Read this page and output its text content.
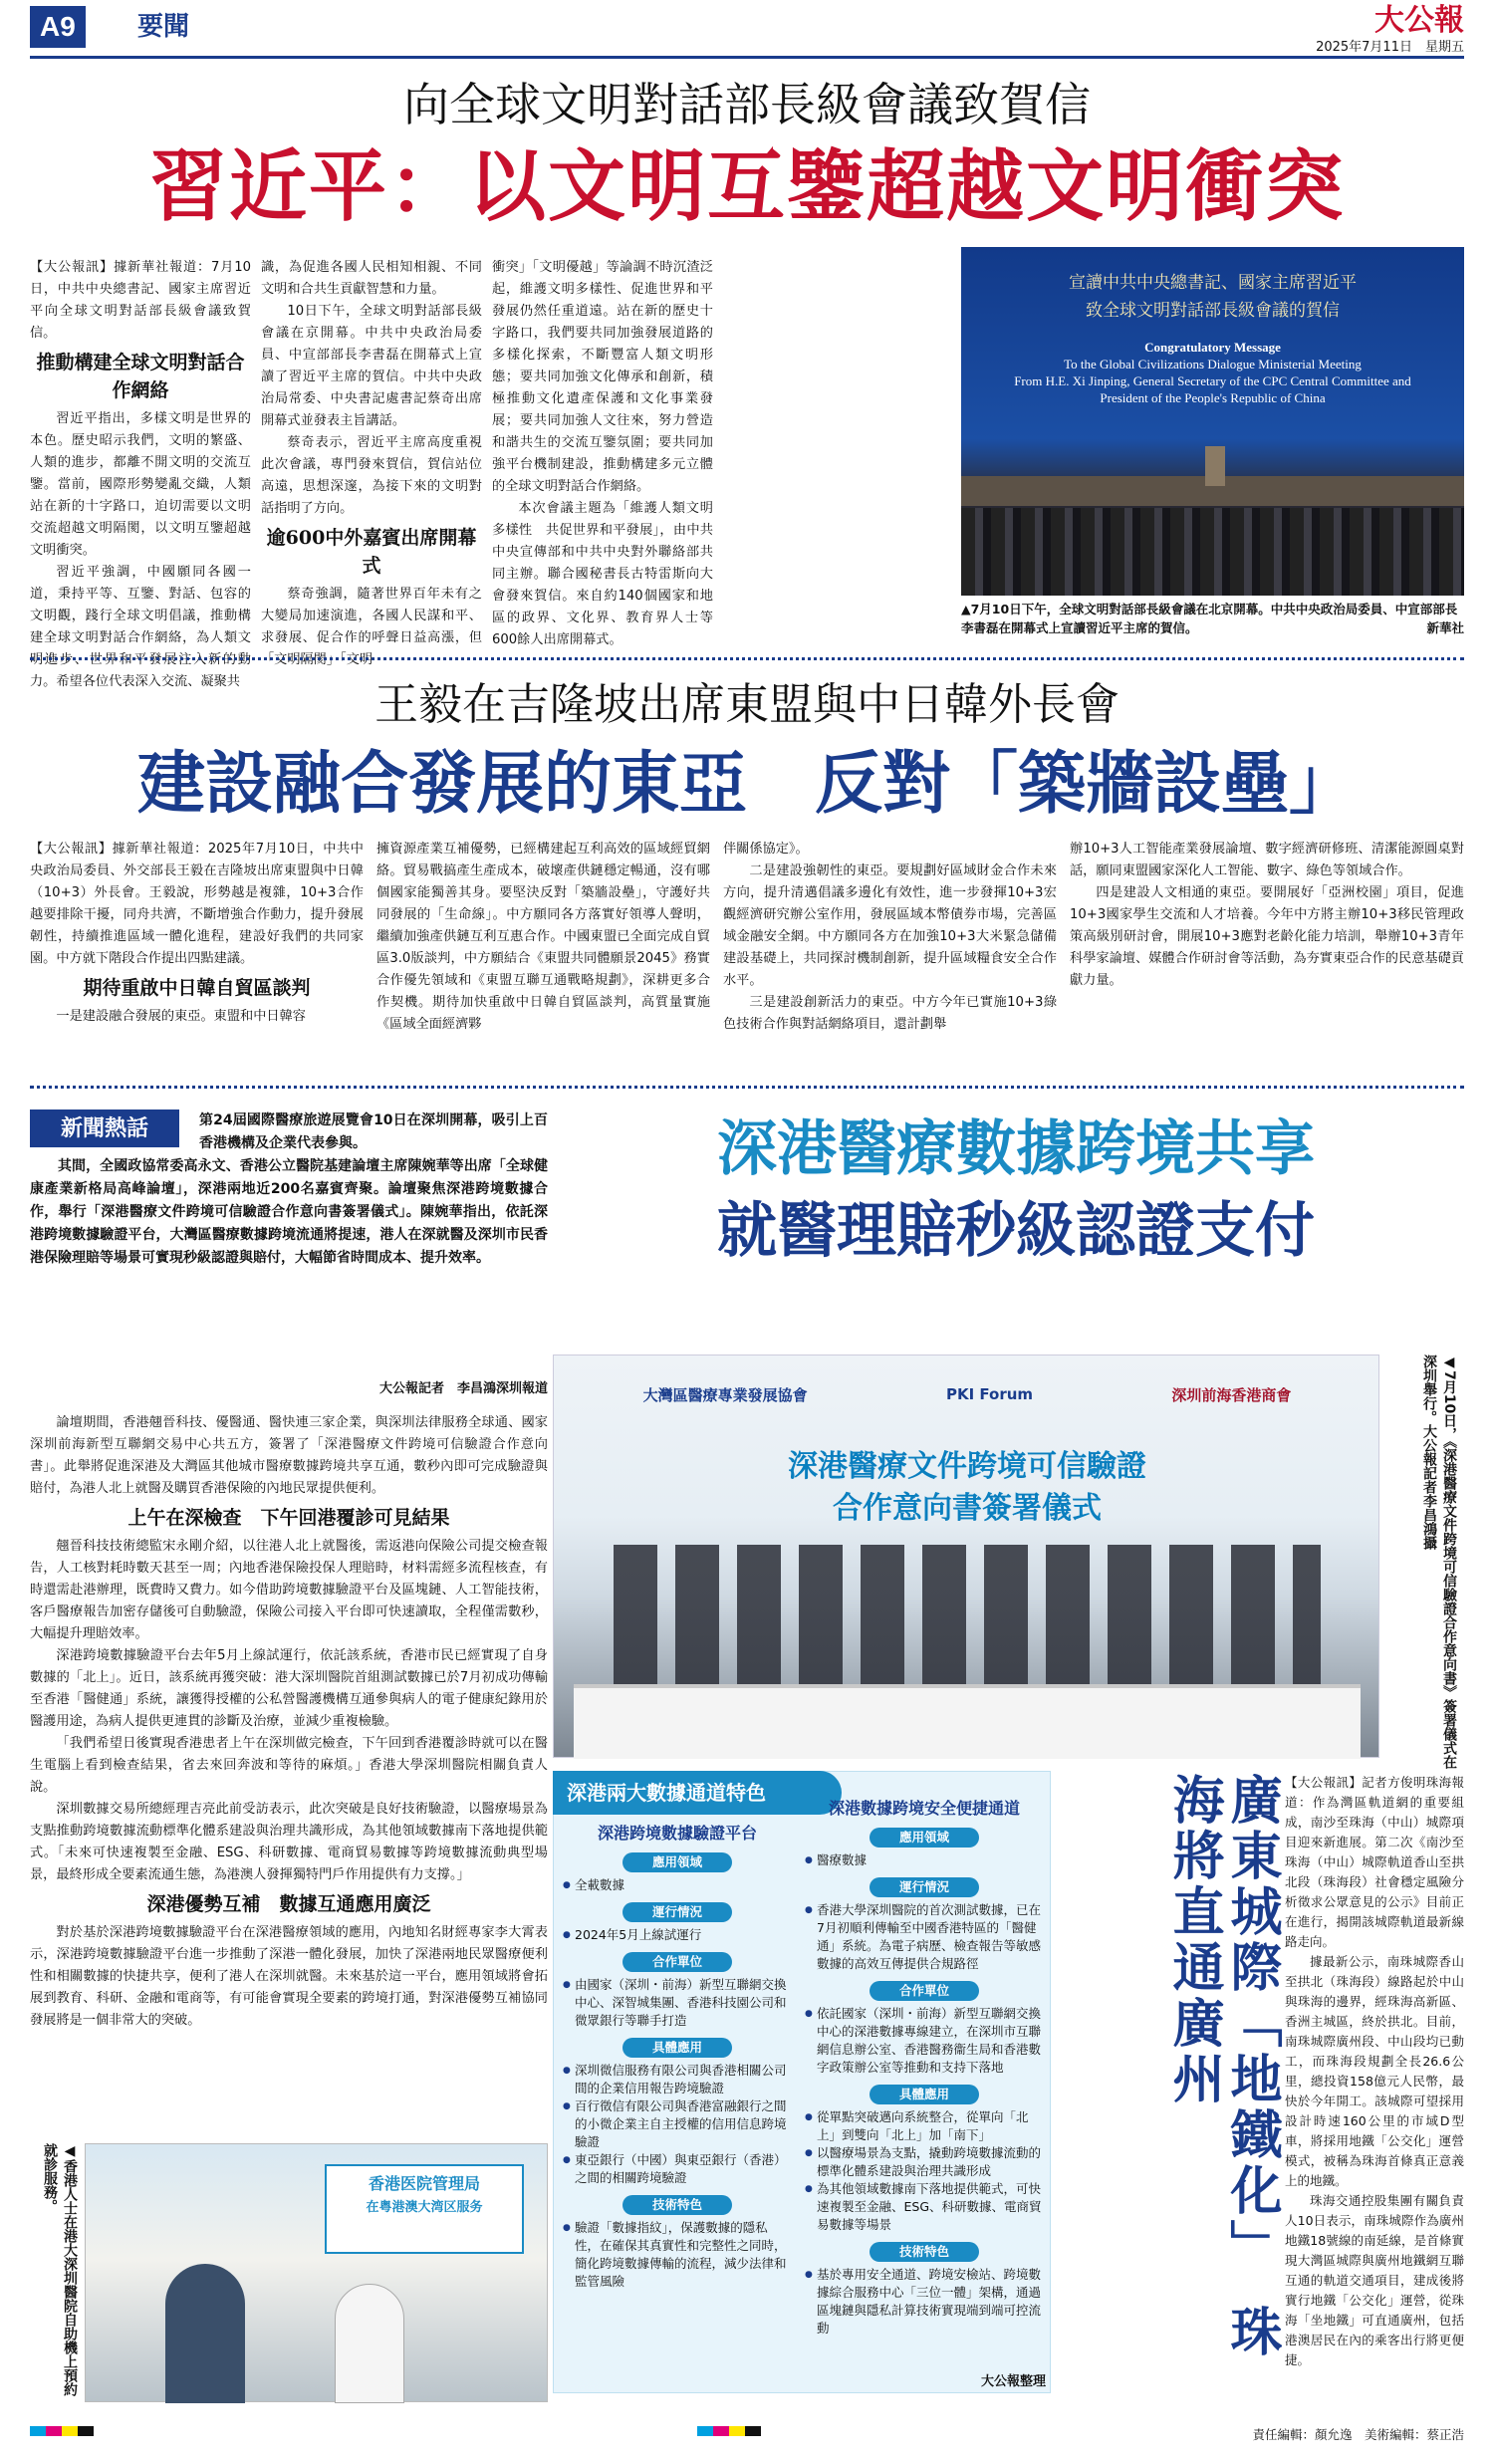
A9	要聞	大公報
2025年7月11日　 星期五
向全球文明對話部長級會議致賀信
習近平：以文明互鑒超越文明衝突

【大公報訊】據新華社報道：7月10日，中共中央總書記、國家主席習近平向全球文明對話部長級會議致賀信。

推動構建全球文明對話合作網絡

習近平指出，多樣文明是世界的本色。歷史昭示我們，文明的繁盛、人類的進步，都離不開文明的交流互鑒。當前，國際形勢變亂交織，人類站在新的十字路口，迫切需要以文明交流超越文明隔閡，以文明互鑒超越文明衝突。

習近平強調，中國願同各國一道，秉持平等、互鑒、對話、包容的文明觀，踐行全球文明倡議，推動構建全球文明對話合作網絡，為人類文明進步、世界和平發展注入新的動力。希望各位代表深入交流、凝聚共

識，為促進各國人民相知相親、不同文明和合共生貢獻智慧和力量。

10日下午，全球文明對話部長級會議在京開幕。中共中央政治局委員、中宣部部長李書磊在開幕式上宣讀了習近平主席的賀信。中共中央政治局常委、中央書記處書記蔡奇出席開幕式並發表主旨講話。

蔡奇表示，習近平主席高度重視此次會議，專門發來賀信，賀信站位高遠，思想深邃，為接下來的文明對話指明了方向。

逾600中外嘉賓出席開幕式

蔡奇強調，隨著世界百年未有之大變局加速演進，各國人民謀和平、求發展、促合作的呼聲日益高漲，但「文明隔閡」「文明

衝突」「文明優越」等論調不時沉渣泛起，維護文明多樣性、促進世界和平發展仍然任重道遠。站在新的歷史十字路口，我們要共同加強發展道路的多樣化探索，不斷豐富人類文明形態；要共同加強文化傳承和創新，積極推動文化遺產保護和文化事業發展；要共同加強人文往來，努力營造和諧共生的交流互鑒氛圍；要共同加強平台機制建設，推動構建多元立體的全球文明對話合作網絡。

本次會議主題為「維護人類文明多樣性　共促世界和平發展」，由中共中央宣傳部和中共中央對外聯絡部共同主辦。聯合國秘書長古特雷斯向大會發來賀信。來自約140個國家和地區的政界、文化界、教育界人士等600餘人出席開幕式。

宣讀中共中央總書記、國家主席習近平
致全球文明對話部長級會議的賀信
Congratulatory Message
To the Global Civilizations Dialogue Ministerial Meeting
From H.E. Xi Jinping, General Secretary of the CPC Central Committee and
President of the People's Republic of China
▲7月10日下午，全球文明對話部長級會議在北京開幕。中共中央政治局委員、中宣部部長李書磊在開幕式上宣讀習近平主席的賀信。	新華社
王毅在吉隆坡出席東盟與中日韓外長會
建設融合發展的東亞　反對「築牆設壘」

【大公報訊】據新華社報道：2025年7月10日，中共中央政治局委員、外交部長王毅在吉隆坡出席東盟與中日韓（10+3）外長會。王毅說，形勢越是複雜，10+3合作越要排除干擾，同舟共濟，不斷增強合作動力，提升發展韌性，持續推進區域一體化進程，建設好我們的共同家園。中方就下階段合作提出四點建議。

期待重啟中日韓自貿區談判

一是建設融合發展的東亞。東盟和中日韓容

擁資源產業互補優勢，已經構建起互利高效的區域經貿網絡。貿易戰搞產生產成本，破壞產供鏈穩定暢通，沒有哪個國家能獨善其身。要堅決反對「築牆設壘」，守護好共同發展的「生命線」。中方願同各方落實好領導人聲明，繼續加強產供鏈互利互惠合作。中國東盟已全面完成自貿區3.0版談判，中方願結合《東盟共同體願景2045》務實合作優先領域和《東盟互聯互通戰略規劃》，深耕更多合作契機。期待加快重啟中日韓自貿區談判，高質量實施《區域全面經濟夥

伴關係協定》。

二是建設強韌性的東亞。要規劃好區域財金合作未來方向，提升清邁倡議多邊化有效性，進一步發揮10+3宏觀經濟研究辦公室作用，發展區域本幣債券市場，完善區域金融安全網。中方願同各方在加強10+3大米緊急儲備建設基礎上，共同探討機制創新，提升區域糧食安全合作水平。

三是建設創新活力的東亞。中方今年已實施10+3綠色技術合作與對話網絡項目，還計劃舉

辦10+3人工智能產業發展論壇、數字經濟研修班、清潔能源圓桌對話，願同東盟國家深化人工智能、數字、綠色等領域合作。

四是建設人文相通的東亞。要開展好「亞洲校園」項目，促進10+3國家學生交流和人才培養。今年中方將主辦10+3移民管理政策高級別研討會，開展10+3應對老齡化能力培訓，舉辦10+3青年科學家論壇、媒體合作研討會等活動，為夯實東亞合作的民意基礎貢獻力量。

第24屆國際醫療旅遊展覽會10日在深圳開幕，吸引上百香港機構及企業代表參與。

其間，全國政協常委高永文、香港公立醫院基建論壇主席陳婉華等出席「全球健康產業新格局高峰論壇」，深港兩地近200名嘉賓齊聚。論壇聚焦深港跨境數據合作，舉行「深港醫療文件跨境可信驗證合作意向書簽署儀式」。陳婉華指出，依託深港跨境數據驗證平台，大灣區醫療數據跨境流通將提速，港人在深就醫及深圳市民香港保險理賠等場景可實現秒級認證與賠付，大幅節省時間成本、提升效率。

新聞熱話
大公報記者　李昌鴻深圳報道
深港醫療數據跨境共享
就醫理賠秒級認證支付

論壇期間，香港翹晉科技、優醫通、醫快連三家企業，與深圳法律服務全球通、國家深圳前海新型互聯網交易中心共五方，簽署了「深港醫療文件跨境可信驗證合作意向書」。此舉將促進深港及大灣區其他城市醫療數據跨境共享互通，數秒內即可完成驗證與賠付，為港人北上就醫及購買香港保險的內地民眾提供便利。

上午在深檢查　下午回港覆診可見結果

翹晉科技技術總監宋永剛介紹，以往港人北上就醫後，需返港向保險公司提交檢查報告，人工核對耗時數天甚至一周；內地香港保險投保人理賠時，材料需經多流程核查，有時還需赴港辦理，既費時又費力。如今借助跨境數據驗證平台及區塊鏈、人工智能技術，客戶醫療報告加密存儲後可自動驗證，保險公司接入平台即可快速讀取，全程僅需數秒，大幅提升理賠效率。

深港跨境數據驗證平台去年5月上線試運行，依託該系統，香港市民已經實現了自身數據的「北上」。近日，該系統再獲突破：港大深圳醫院首組測試數據已於7月初成功傳輸至香港「醫健通」系統，讓獲得授權的公私營醫護機構互通參與病人的電子健康紀錄用於醫護用途，為病人提供更連貫的診斷及治療，並減少重複檢驗。

「我們希望日後實現香港患者上午在深圳做完檢查，下午回到香港覆診時就可以在醫生電腦上看到檢查結果，省去來回奔波和等待的麻煩。」香港大學深圳醫院相關負責人說。

深圳數據交易所總經理吉亮此前受訪表示，此次突破是良好技術驗證，以醫療場景為支點推動跨境數據流動標準化體系建設與治理共識形成，為其他領域數據南下落地提供範式。「未來可快速複製至金融、ESG、科研數據、電商貿易數據等跨境數據流動典型場景，最終形成全要素流通生態，為港澳人發揮獨特門戶作用提供有力支撐。」

深港優勢互補　數據互通應用廣泛

對於基於深港跨境數據驗證平台在深港醫療領域的應用，內地知名財經專家李大霄表示，深港跨境數據驗證平台進一步推動了深港一體化發展，加快了深港兩地民眾醫療便利性和相關數據的快捷共享，便利了港人在深圳就醫。未來基於這一平台，應用領域將會拓展到教育、科研、金融和電商等，有可能會實現全要素的跨境打通，對深港優勢互補協同發展將是一個非常大的突破。

大灣區醫療專業發展協會	PKI Forum	深圳前海香港商會
深港醫療文件跨境可信驗證
合作意向書簽署儀式	◀7月10日，《深港醫療文件跨境可信驗證合作意向書》簽署儀式在深圳舉行。大公報記者李昌鴻攝
深港兩大數據通道特色
深港跨境數據驗證平台
應用領域
● 全載數據
運行情況
● 2024年5月上線試運行
合作單位
● 由國家（深圳・前海）新型互聯網交換中心、深智城集團、香港科技園公司和微眾銀行等聯手打造
具體應用
● 深圳微信服務有限公司與香港相關公司間的企業信用報告跨境驗證
● 百行徵信有限公司與香港富融銀行之間的小微企業主自主授權的信用信息跨境驗證
● 東亞銀行（中國）與東亞銀行（香港）之間的相關跨境驗證
技術特色
● 驗證「數據指紋」，保護數據的隱私性，在確保其真實性和完整性之同時，簡化跨境數據傳輸的流程，減少法律和監管風險
深港數據跨境安全便捷通道
應用領域
● 醫療數據
運行情況
● 香港大學深圳醫院的首次測試數據，已在7月初順利傳輸至中國香港特區的「醫健通」系統。為電子病歷、檢查報告等敏感數據的高效互傳提供合規路徑
合作單位
● 依託國家（深圳・前海）新型互聯網交換中心的深港數據專線建立，在深圳市互聯網信息辦公室、香港醫務衞生局和香港數字政策辦公室等推動和支持下落地
具體應用
● 從單點突破邁向系統整合，從單向「北上」到雙向「北上」加「南下」
● 以醫療場景為支點，撬動跨境數據流動的標準化體系建設與治理共識形成
● 為其他領域數據南下落地提供範式，可快速複製至金融、ESG、科研數據、電商貿易數據等場景
技術特色
● 基於專用安全通道、跨境安檢站、跨境數據綜合服務中心「三位一體」架構，通過區塊鏈與隱私計算技術實現端到端可控流動
大公報整理
廣東城際「地鐵化」　珠海將直通廣州	【大公報訊】記者方俊明珠海報道：作為灣區軌道網的重要組成，南沙至珠海（中山）城際項目迎來新進展。第二次《南沙至珠海（中山）城際軌道香山至拱北段（珠海段）社會穩定風險分析徵求公眾意見的公示》目前正在進行，揭開該城際軌道最新線路走向。

據最新公示，南珠城際香山至拱北（珠海段）線路起於中山與珠海的邊界，經珠海高新區、香洲主城區，終於拱北。目前，南珠城際廣州段、中山段均已動工，而珠海段規劃全長26.6公里，總投資158億元人民幣，最快於今年開工。該城際可望採用設計時速160公里的市域D型車，將採用地鐵「公交化」運營模式，被稱為珠海首條真正意義上的地鐵。

珠海交通控股集團有關負責人10日表示，南珠城際作為廣州地鐵18號線的南延線，是首條實現大灣區城際與廣州地鐵網互聯互通的軌道交通項目，建成後將實行地鐵「公交化」運營，從珠海「坐地鐵」可直通廣州，包括港澳居民在內的乘客出行將更便捷。

◀香港人士在港大深圳醫院自助機上預約就診服務。	香港医院管理局
在粤港澳大湾区服务
責任編輯：顏允逸　美術編輯：蔡正浩
